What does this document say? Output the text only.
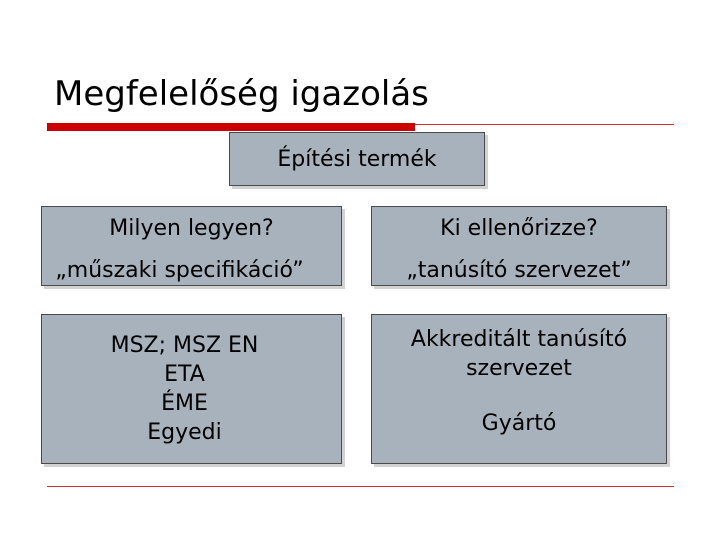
Megfelelőség igazolás
Építési termék
Milyen legyen?
„műszaki specifikáció”
Ki ellenőrizze?
„tanúsító szervezet”
MSZ; MSZ EN
ETA
ÉME
Egyedi
Akkreditált tanúsító
szervezet
Gyártó
